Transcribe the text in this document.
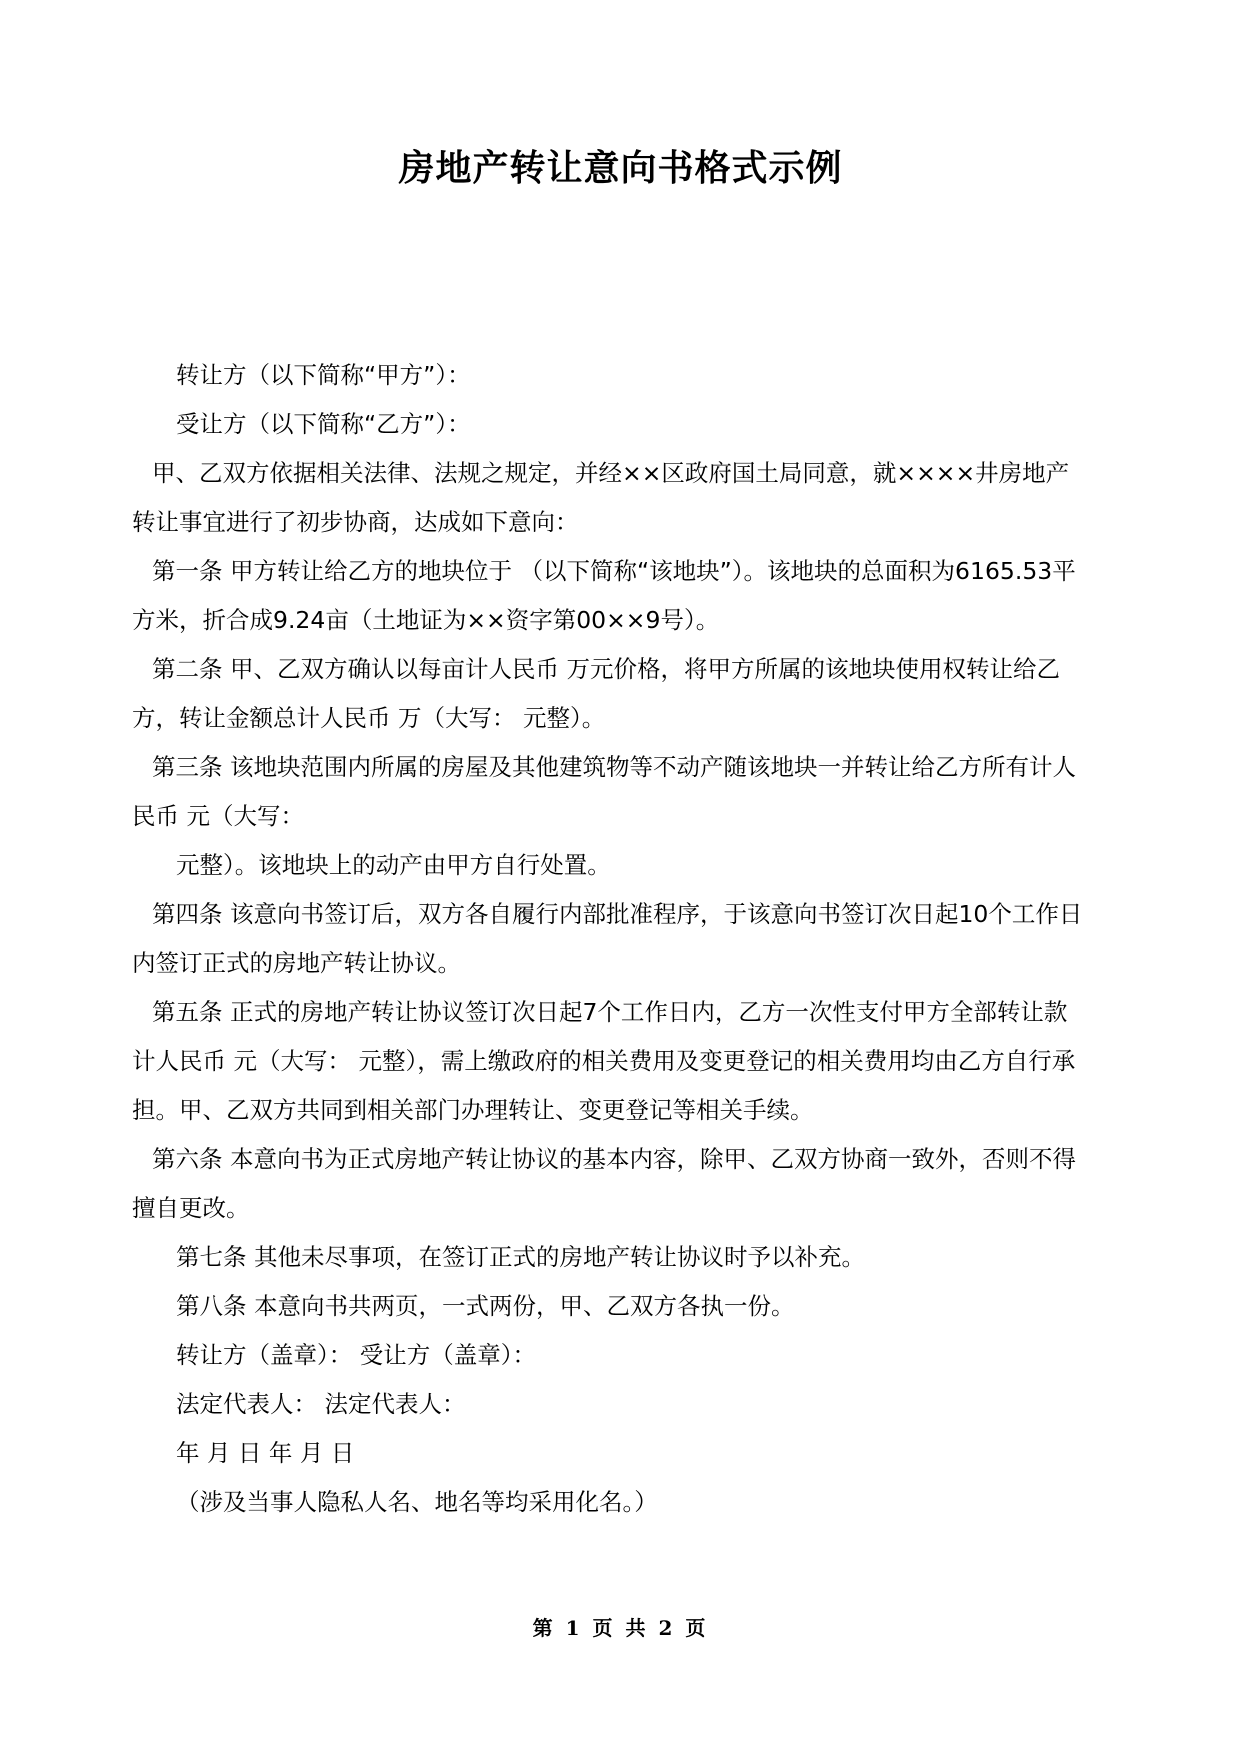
房地产转让意向书格式示例

转让方（以下简称“甲方”）：

受让方（以下简称“乙方”）：

甲、乙双方依据相关法律、法规之规定，并经××区政府国土局同意，就××××井房地产转让事宜进行了初步协商，达成如下意向：

第一条 甲方转让给乙方的地块位于 （以下简称“该地块”）。该地块的总面积为6165.53平方米，折合成9.24亩（土地证为××资字第00××9号）。

第二条 甲、乙双方确认以每亩计人民币 万元价格，将甲方所属的该地块使用权转让给乙方，转让金额总计人民币 万（大写： 元整）。

第三条 该地块范围内所属的房屋及其他建筑物等不动产随该地块一并转让给乙方所有计人民币 元（大写：

元整）。该地块上的动产由甲方自行处置。

第四条 该意向书签订后，双方各自履行内部批准程序，于该意向书签订次日起10个工作日内签订正式的房地产转让协议。

第五条 正式的房地产转让协议签订次日起7个工作日内，乙方一次性支付甲方全部转让款计人民币 元（大写： 元整），需上缴政府的相关费用及变更登记的相关费用均由乙方自行承担。甲、乙双方共同到相关部门办理转让、变更登记等相关手续。

第六条 本意向书为正式房地产转让协议的基本内容，除甲、乙双方协商一致外，否则不得擅自更改。

第七条 其他未尽事项，在签订正式的房地产转让协议时予以补充。

第八条 本意向书共两页，一式两份，甲、乙双方各执一份。

转让方（盖章）： 受让方（盖章）：

法定代表人： 法定代表人：

年 月 日 年 月 日

（涉及当事人隐私人名、地名等均采用化名。）

第 1 页 共 2 页
